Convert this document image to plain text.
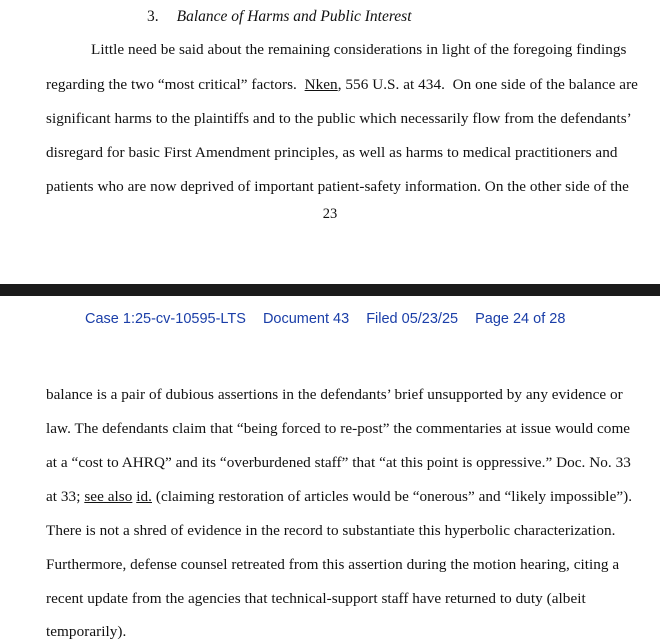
3. Balance of Harms and Public Interest
Little need be said about the remaining considerations in light of the foregoing findings
regarding the two “most critical” factors.  Nken, 556 U.S. at 434.  On one side of the balance are
significant harms to the plaintiffs and to the public which necessarily flow from the defendants’
disregard for basic First Amendment principles, as well as harms to medical practitioners and
patients who are now deprived of important patient-safety information. On the other side of the
23
Case 1:25-cv-10595-LTS Document 43 Filed 05/23/25 Page 24 of 28
balance is a pair of dubious assertions in the defendants’ brief unsupported by any evidence or
law. The defendants claim that “being forced to re-post” the commentaries at issue would come
at a “cost to AHRQ” and its “overburdened staff” that “at this point is oppressive.” Doc. No. 33
at 33; see also id. (claiming restoration of articles would be “onerous” and “likely impossible”).
There is not a shred of evidence in the record to substantiate this hyperbolic characterization.
Furthermore, defense counsel retreated from this assertion during the motion hearing, citing a
recent update from the agencies that technical-support staff have returned to duty (albeit
temporarily).
